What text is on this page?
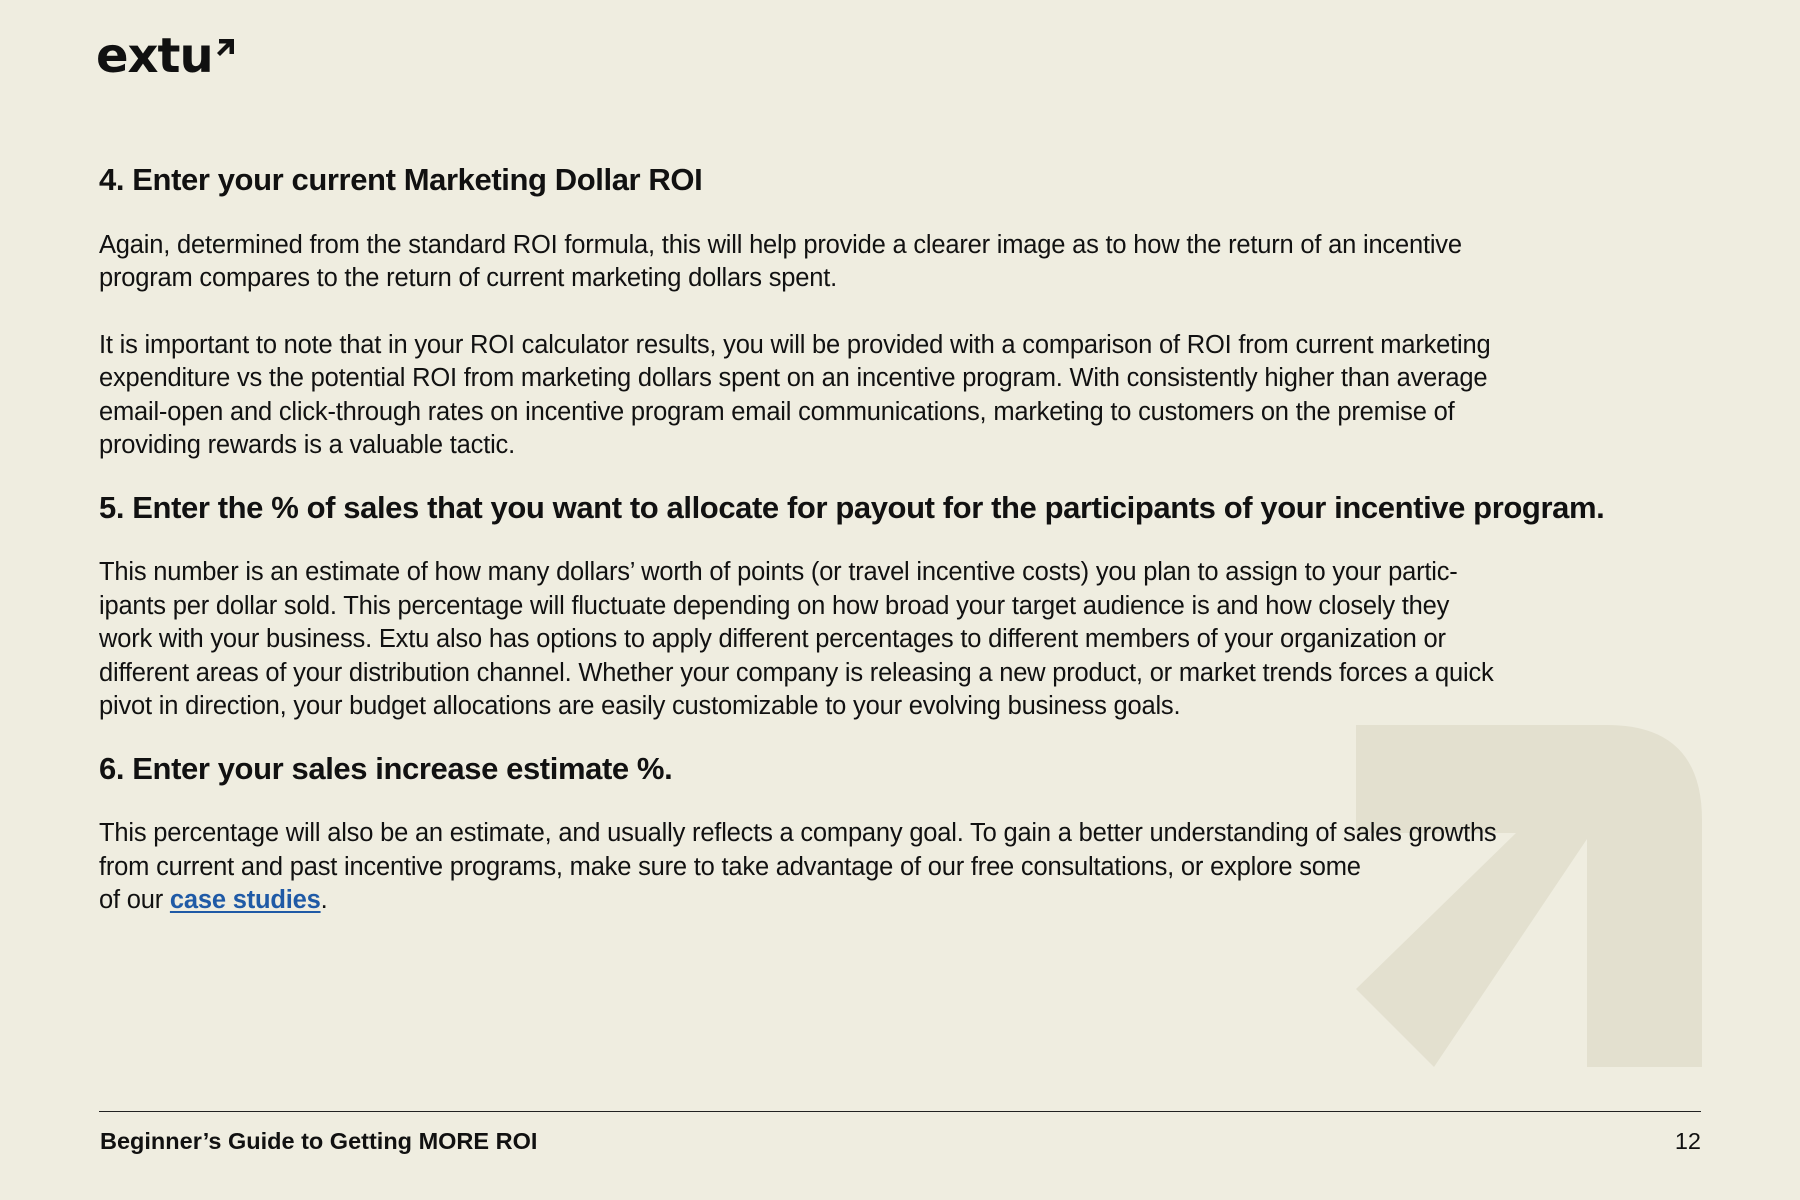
extu
4. Enter your current Marketing Dollar ROI

Again, determined from the standard ROI formula, this will help provide a clearer image as to how the return of an incentive
program compares to the return of current marketing dollars spent.

It is important to note that in your ROI calculator results, you will be provided with a comparison of ROI from current marketing
expenditure vs the potential ROI from marketing dollars spent on an incentive program. With consistently higher than average
email-open and click-through rates on incentive program email communications, marketing to customers on the premise of
providing rewards is a valuable tactic.

5. Enter the % of sales that you want to allocate for payout for the participants of your incentive program.

This number is an estimate of how many dollars’ worth of points (or travel incentive costs) you plan to assign to your partic-
ipants per dollar sold. This percentage will fluctuate depending on how broad your target audience is and how closely they
work with your business. Extu also has options to apply different percentages to different members of your organization or
different areas of your distribution channel. Whether your company is releasing a new product, or market trends forces a quick
pivot in direction, your budget allocations are easily customizable to your evolving business goals.

6. Enter your sales increase estimate %.

This percentage will also be an estimate, and usually reflects a company goal. To gain a better understanding of sales growths
from current and past incentive programs, make sure to take advantage of our free consultations, or explore some
of our case studies.

Beginner’s Guide to Getting MORE ROI	12
